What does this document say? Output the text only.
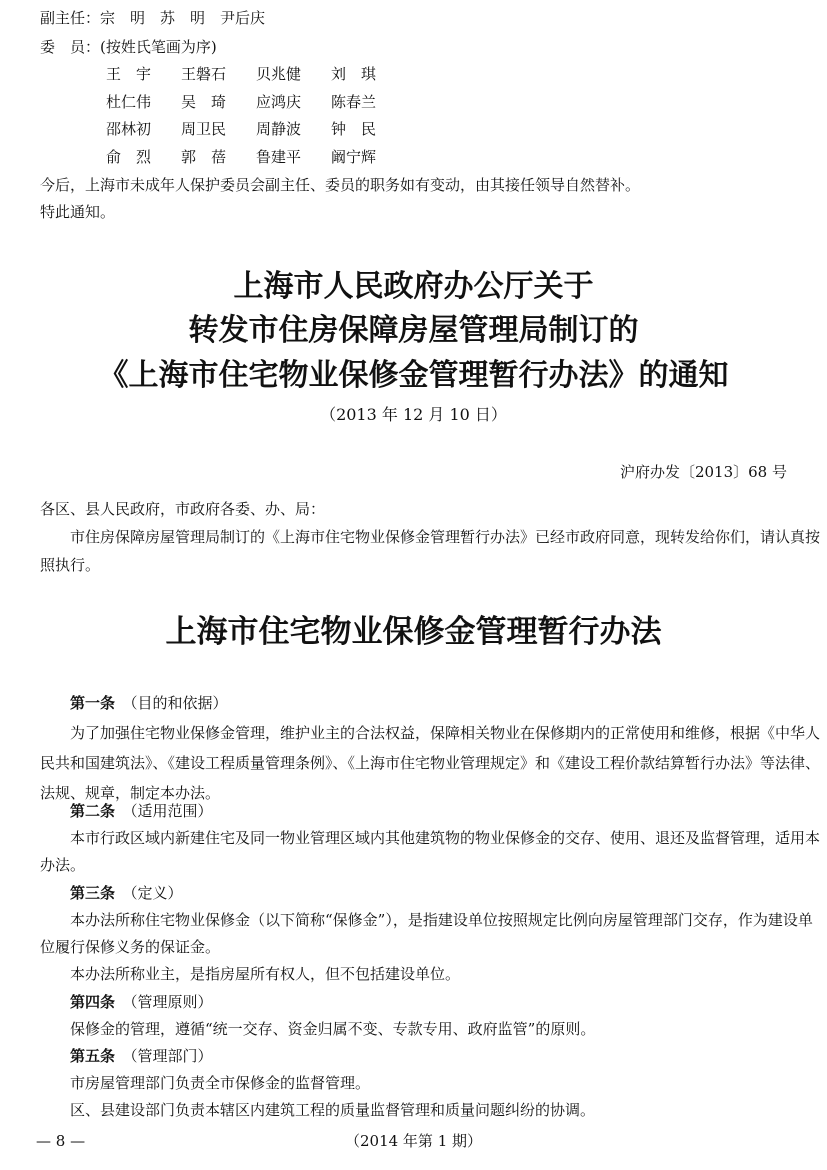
副主任：宗　明　苏　明　尹后庆
委　员：(按姓氏笔画为序)
王　宇 王磐石 贝兆健 刘　琪
杜仁伟 吴　琦 应鸿庆 陈春兰
邵林初 周卫民 周静波 钟　民
俞　烈 郭　蓓 鲁建平 阚宁辉
今后，上海市未成年人保护委员会副主任、委员的职务如有变动，由其接任领导自然替补。
特此通知。
上海市人民政府办公厅关于
转发市住房保障房屋管理局制订的
《上海市住宅物业保修金管理暂行办法》的通知
（2013 年 12 月 10 日）
沪府办发〔2013〕68 号
各区、县人民政府，市政府各委、办、局：
市住房保障房屋管理局制订的《上海市住宅物业保修金管理暂行办法》已经市政府同意，现转发给你们，请认真按照执行。
上海市住宅物业保修金管理暂行办法
第一条　 （目的和依据）
为了加强住宅物业保修金管理，维护业主的合法权益，保障相关物业在保修期内的正常使用和维修，根据《中华人民共和国建筑法》、《建设工程质量管理条例》、《上海市住宅物业管理规定》和《建设工程价款结算暂行办法》等法律、法规、规章，制定本办法。
第二条　 （适用范围）
本市行政区域内新建住宅及同一物业管理区域内其他建筑物的物业保修金的交存、使用、退还及监督管理，适用本办法。
第三条　 （定义）
本办法所称住宅物业保修金（以下简称“保修金”），是指建设单位按照规定比例向房屋管理部门交存，作为建设单位履行保修义务的保证金。
本办法所称业主，是指房屋所有权人，但不包括建设单位。
第四条　 （管理原则）
保修金的管理，遵循“统一交存、资金归属不变、专款专用、政府监管”的原则。
第五条　 （管理部门）
市房屋管理部门负责全市保修金的监督管理。
区、县建设部门负责本辖区内建筑工程的质量监督管理和质量问题纠纷的协调。
— 8 —	（2014 年第 1 期）
